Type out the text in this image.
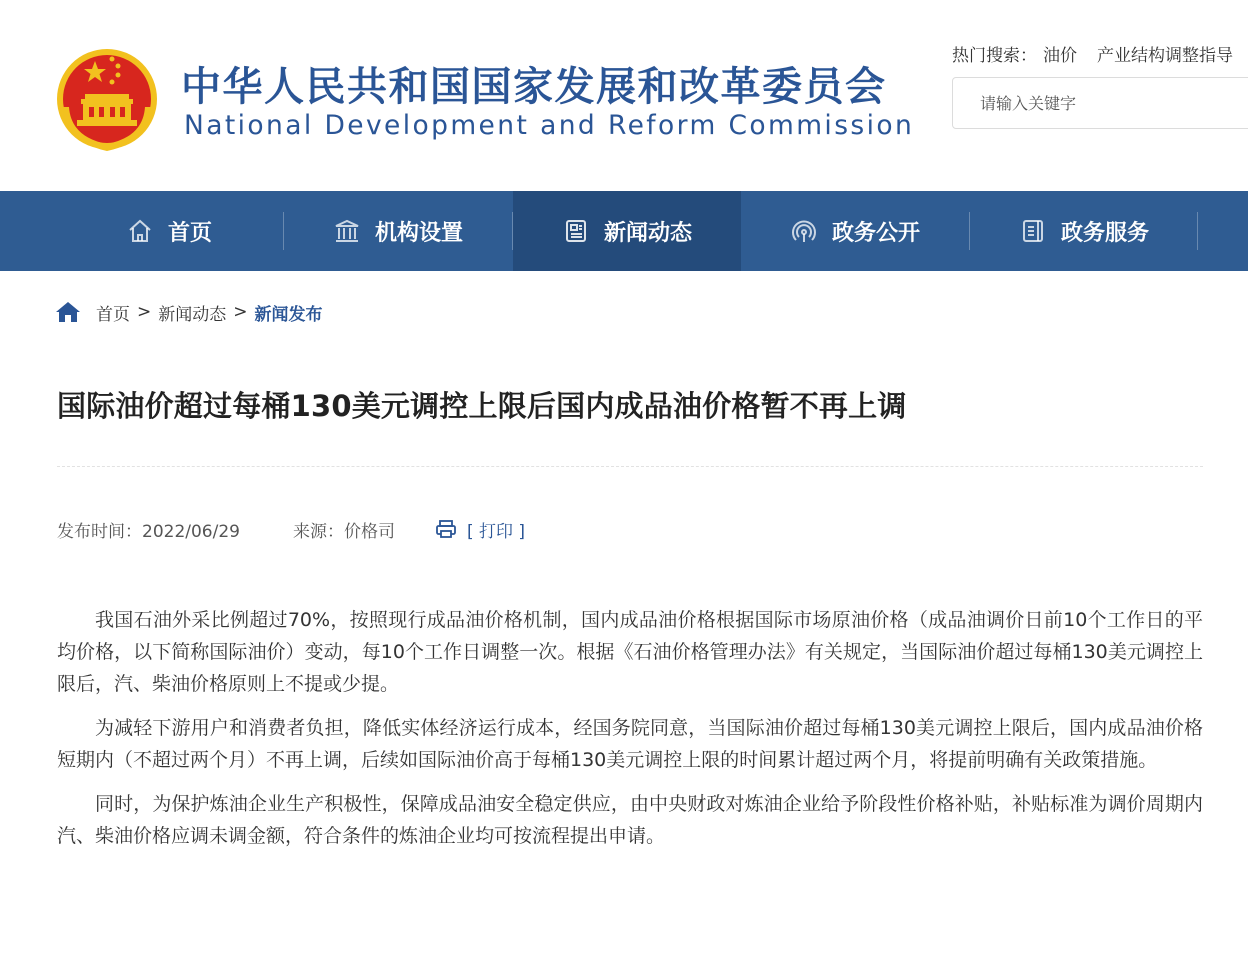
中华人民共和国国家发展和改革委员会
National Development and Reform Commission
热门搜索： 油价 产业结构调整指导
请输入关键字
首页	机构设置	新闻动态	政务公开	政务服务
首页 > 新闻动态 > 新闻发布
国际油价超过每桶130美元调控上限后国内成品油价格暂不再上调
发布时间：2022/06/29	来源：价格司	[ 打印 ]

我国石油外采比例超过70%，按照现行成品油价格机制，国内成品油价格根据国际市场原油价格（成品油调价日前10个工作日的平均价格，以下简称国际油价）变动，每10个工作日调整一次。根据《石油价格管理办法》有关规定，当国际油价超过每桶130美元调控上限后，汽、柴油价格原则上不提或少提。

为减轻下游用户和消费者负担，降低实体经济运行成本，经国务院同意，当国际油价超过每桶130美元调控上限后，国内成品油价格短期内（不超过两个月）不再上调，后续如国际油价高于每桶130美元调控上限的时间累计超过两个月，将提前明确有关政策措施。

同时，为保护炼油企业生产积极性，保障成品油安全稳定供应，由中央财政对炼油企业给予阶段性价格补贴，补贴标准为调价周期内汽、柴油价格应调未调金额，符合条件的炼油企业均可按流程提出申请。
